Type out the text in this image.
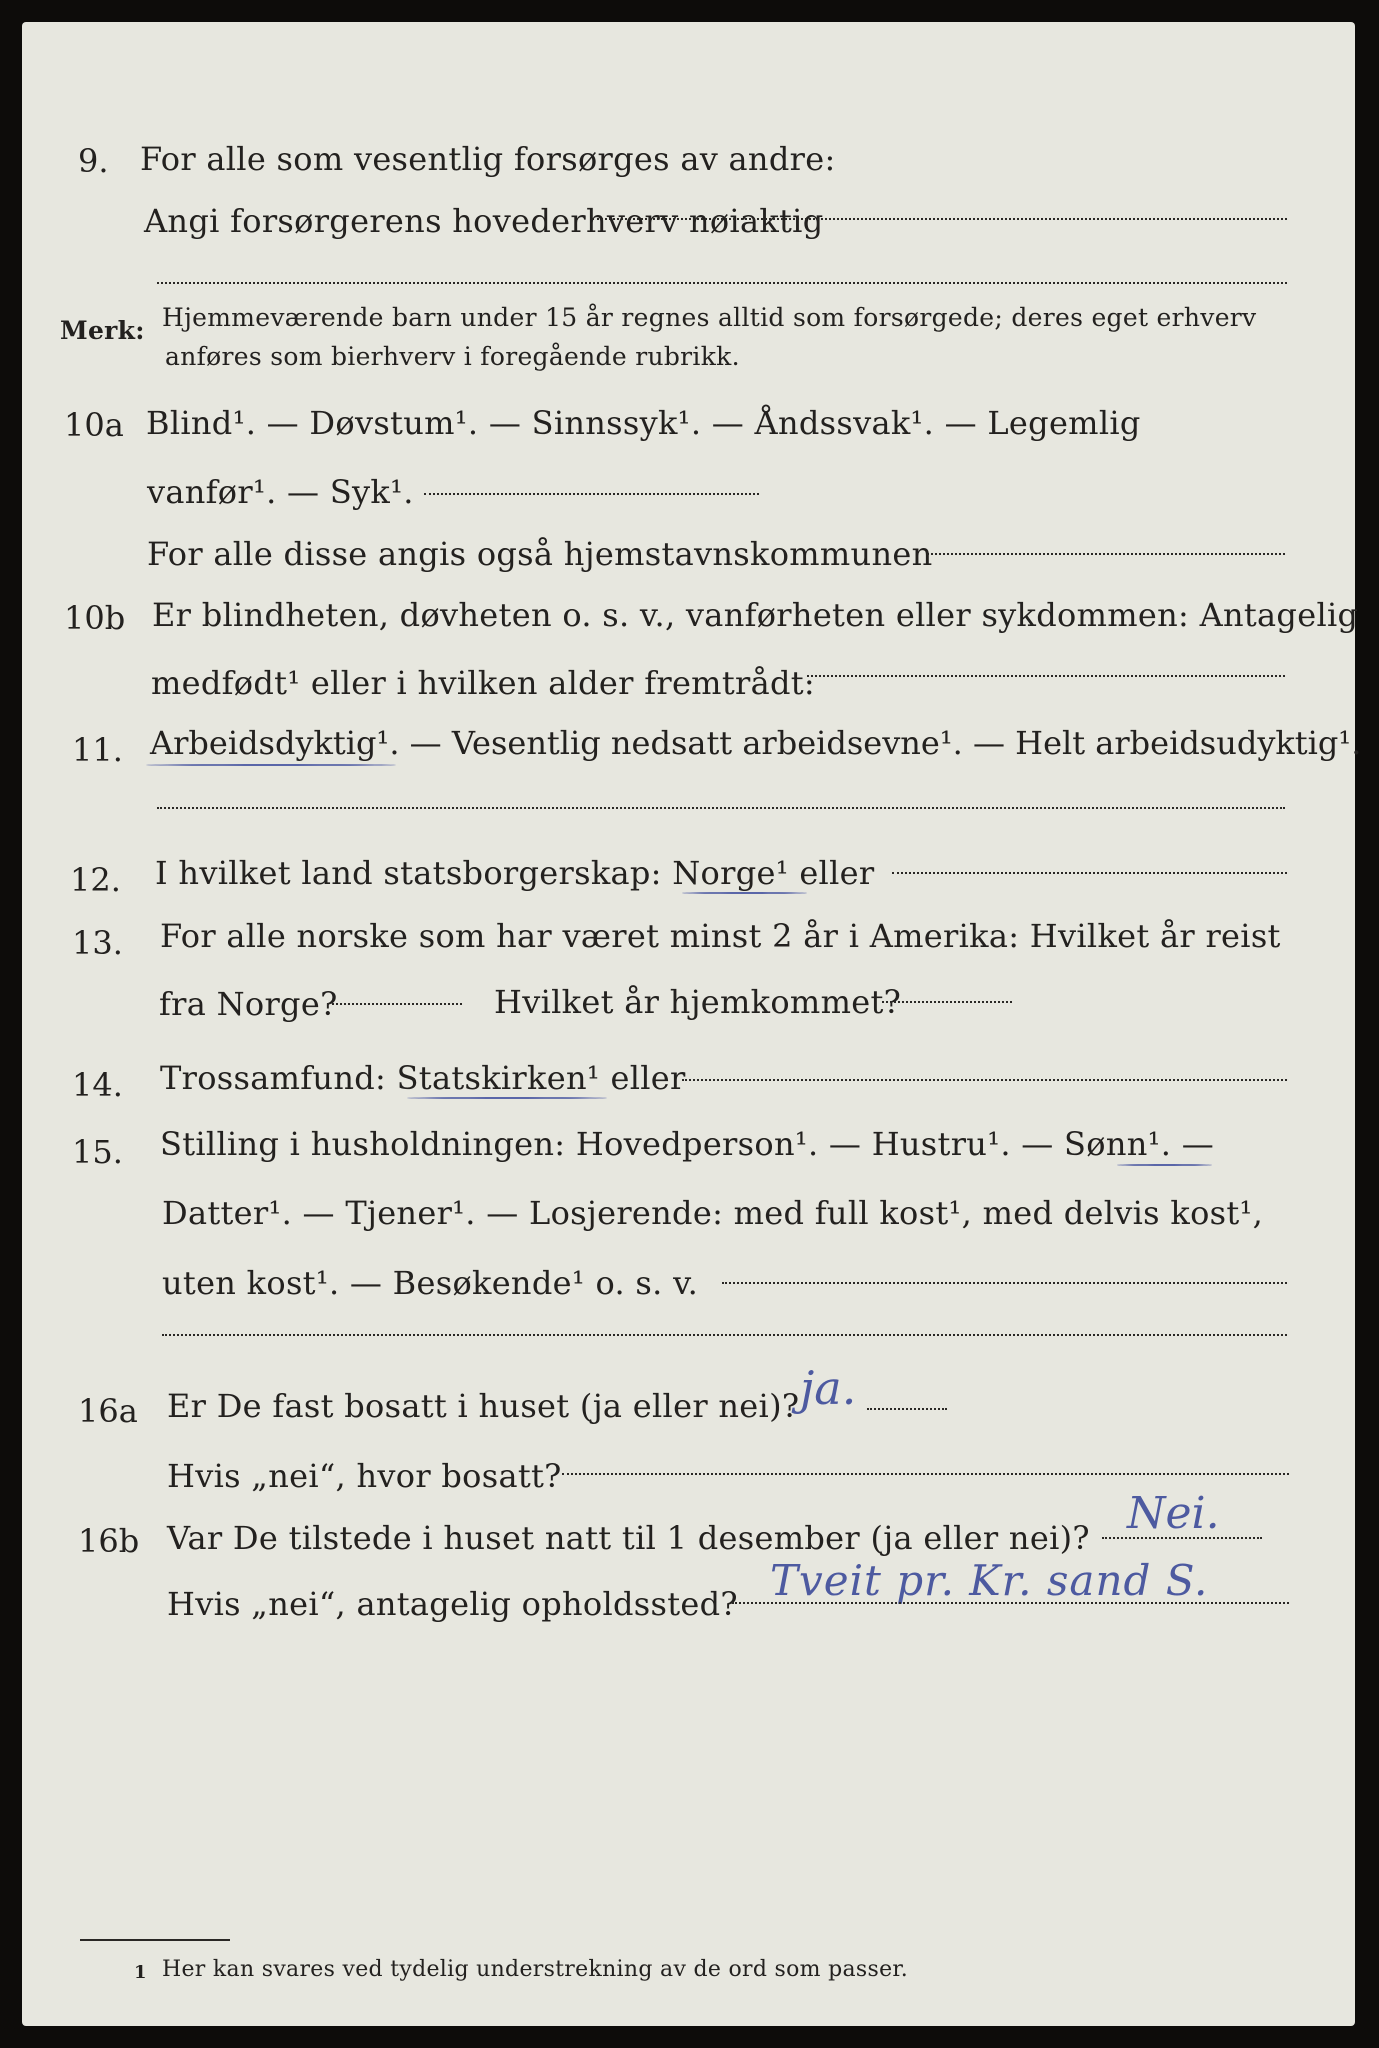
9. For alle som vesentlig forsørges av andre:
Angi forsørgerens hovederhverv nøiaktig
Merk: Hjemmeværende barn under 15 år regnes alltid som forsørgede; deres eget erhverv
anføres som bierhverv i foregående rubrikk.
10a Blind¹. — Døvstum¹. — Sinnssyk¹. — Åndssvak¹. — Legemlig
vanfør¹. — Syk¹.
For alle disse angis også hjemstavnskommunen
10b Er blindheten, døvheten o. s. v., vanførheten eller sykdommen: Antagelig
medfødt¹ eller i hvilken alder fremtrådt:
11. Arbeidsdyktig¹. — Vesentlig nedsatt arbeidsevne¹. — Helt arbeidsudyktig¹.
12. I hvilket land statsborgerskap: Norge¹ eller
13. For alle norske som har været minst 2 år i Amerika: Hvilket år reist
fra Norge?	Hvilket år hjemkommet?
14. Trossamfund: Statskirken¹ eller
15. Stilling i husholdningen: Hovedperson¹. — Hustru¹. — Sønn¹. —
Datter¹. — Tjener¹. — Losjerende: med full kost¹, med delvis kost¹,
uten kost¹. — Besøkende¹ o. s. v.
16a Er De fast bosatt i huset (ja eller nei)? ja.
Hvis „nei“, hvor bosatt?
16b Var De tilstede i huset natt til 1 desember (ja eller nei)? Nei.
Hvis „nei“, antagelig opholdssted? Tveit pr. Kr. sand S.
1 Her kan svares ved tydelig understrekning av de ord som passer.
